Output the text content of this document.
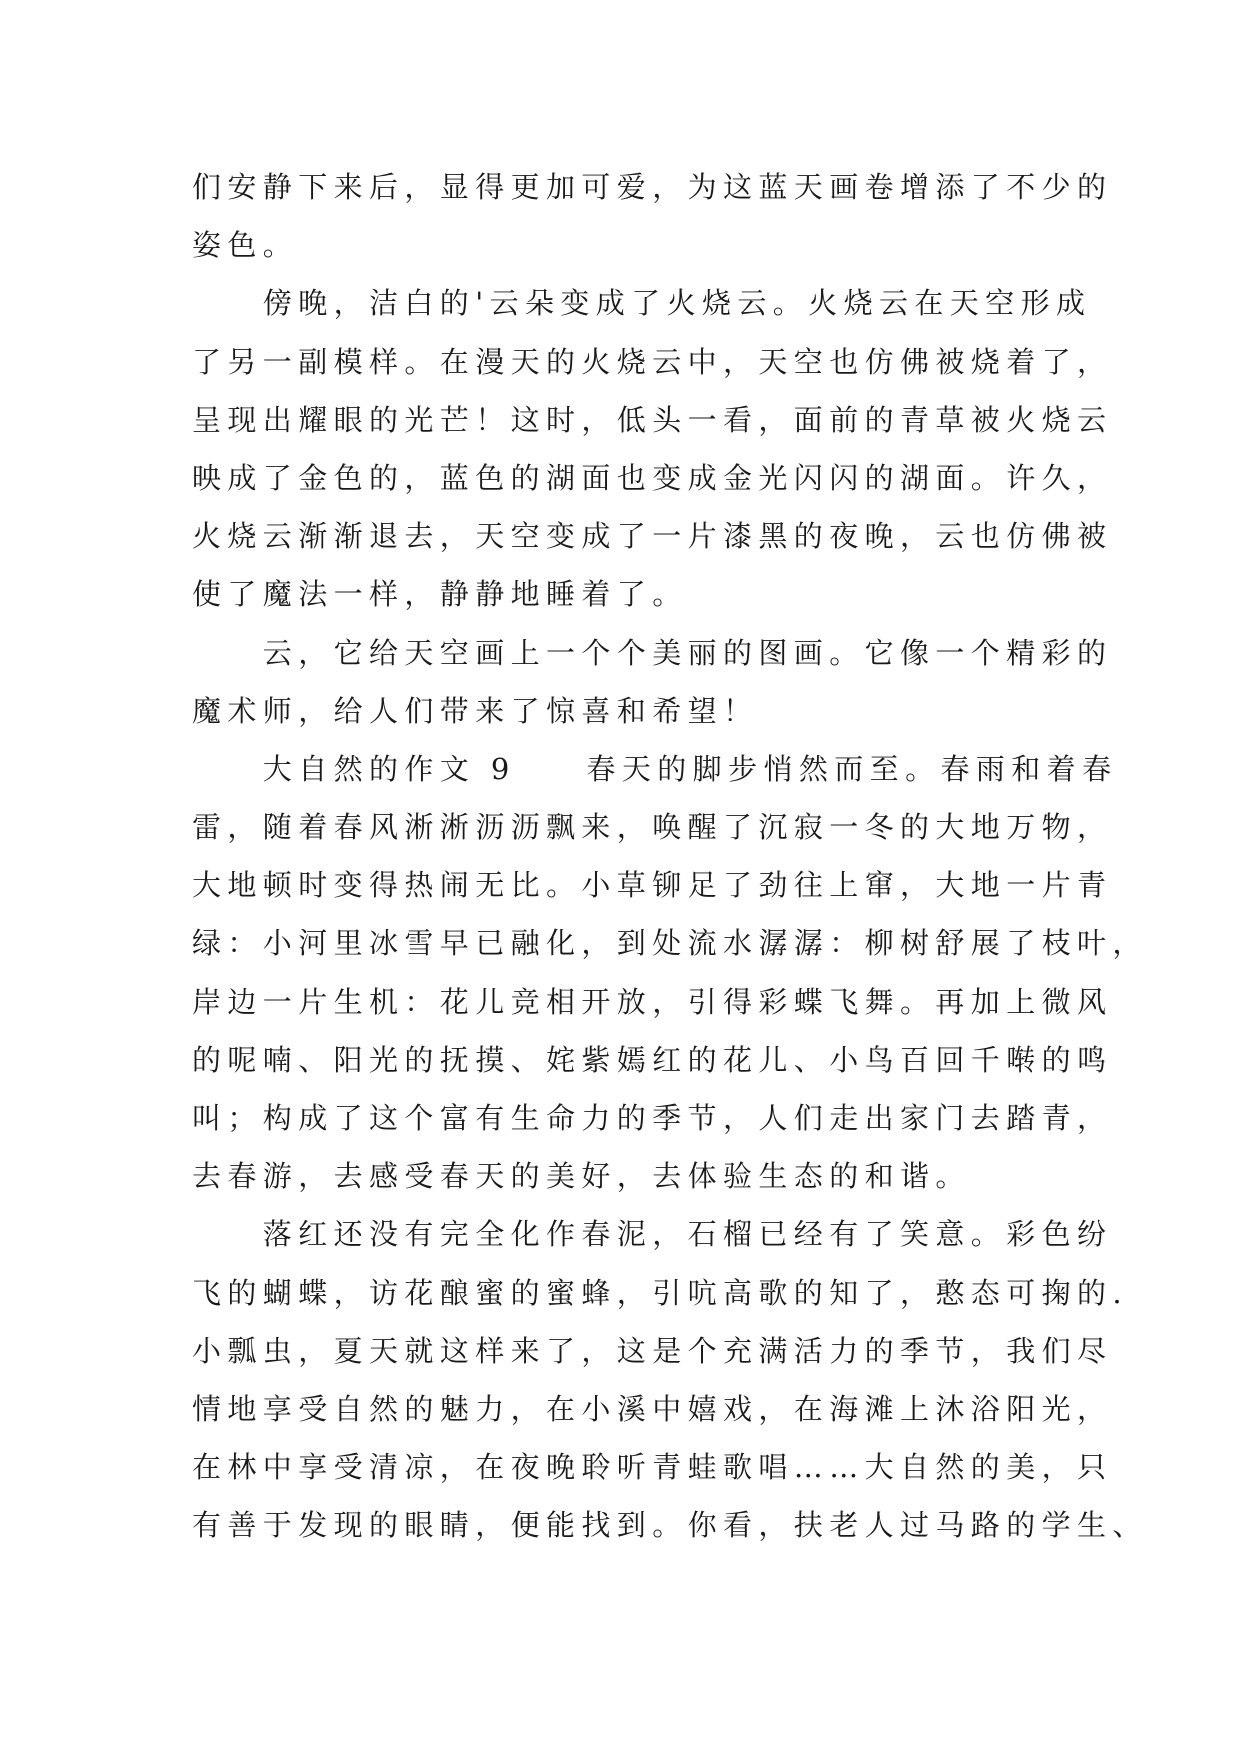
们安静下来后，显得更加可爱，为这蓝天画卷增添了不少的
姿色。
　　傍晚，洁白的'云朵变成了火烧云。火烧云在天空形成
了另一副模样。在漫天的火烧云中，天空也仿佛被烧着了，
呈现出耀眼的光芒！这时，低头一看，面前的青草被火烧云
映成了金色的，蓝色的湖面也变成金光闪闪的湖面。许久，
火烧云渐渐退去，天空变成了一片漆黑的夜晚，云也仿佛被
使了魔法一样，静静地睡着了。
　　云，它给天空画上一个个美丽的图画。它像一个精彩的
魔术师，给人们带来了惊喜和希望！
　　大自然的作文 9　　春天的脚步悄然而至。春雨和着春
雷，随着春风淅淅沥沥飘来，唤醒了沉寂一冬的大地万物，
大地顿时变得热闹无比。小草铆足了劲往上窜，大地一片青
绿：小河里冰雪早已融化，到处流水潺潺：柳树舒展了枝叶，
岸边一片生机：花儿竞相开放，引得彩蝶飞舞。再加上微风
的呢喃、阳光的抚摸、姹紫嫣红的花儿、小鸟百回千啭的鸣
叫；构成了这个富有生命力的季节，人们走出家门去踏青，
去春游，去感受春天的美好，去体验生态的和谐。
　　落红还没有完全化作春泥，石榴已经有了笑意。彩色纷
飞的蝴蝶，访花酿蜜的蜜蜂，引吭高歌的知了，憨态可掬的.
小瓢虫，夏天就这样来了，这是个充满活力的季节，我们尽
情地享受自然的魅力，在小溪中嬉戏，在海滩上沐浴阳光，
在林中享受清凉，在夜晚聆听青蛙歌唱……大自然的美，只
有善于发现的眼睛，便能找到。你看，扶老人过马路的学生、
